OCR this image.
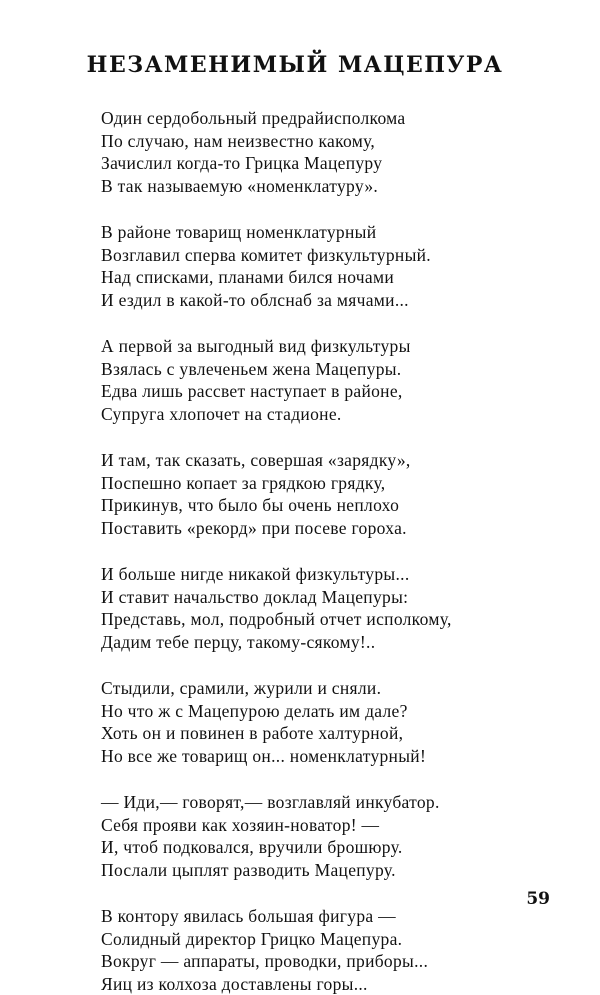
НЕЗАМЕНИМЫЙ МАЦЕПУРА
Один сердобольный предрайисполкома
По случаю, нам неизвестно какому,
Зачислил когда-то Грицка Мацепуру
В так называемую «номенклатуру».
В районе товарищ номенклатурный
Возглавил сперва комитет физкультурный.
Над списками, планами бился ночами
И ездил в какой-то облснаб за мячами...
А первой за выгодный вид физкультуры
Взялась с увлеченьем жена Мацепуры.
Едва лишь рассвет наступает в районе,
Супруга хлопочет на стадионе.
И там, так сказать, совершая «зарядку»,
Поспешно копает за грядкою грядку,
Прикинув, что было бы очень неплохо
Поставить «рекорд» при посеве гороха.
И больше нигде никакой физкультуры...
И ставит начальство доклад Мацепуры:
Представь, мол, подробный отчет исполкому,
Дадим тебе перцу, такому-сякому!..
Стыдили, срамили, журили и сняли.
Но что ж с Мацепурою делать им дале?
Хоть он и повинен в работе халтурной,
Но все же товарищ он... номенклатурный!
— Иди,— говорят,— возглавляй инкубатор.
Себя прояви как хозяин-новатор! —
И, чтоб подковался, вручили брошюру.
Послали цыплят разводить Мацепуру.
В контору явилась большая фигура —
Солидный директор Грицко Мацепура.
Вокруг — аппараты, проводки, приборы...
Яиц из колхоза доставлены горы...
59
